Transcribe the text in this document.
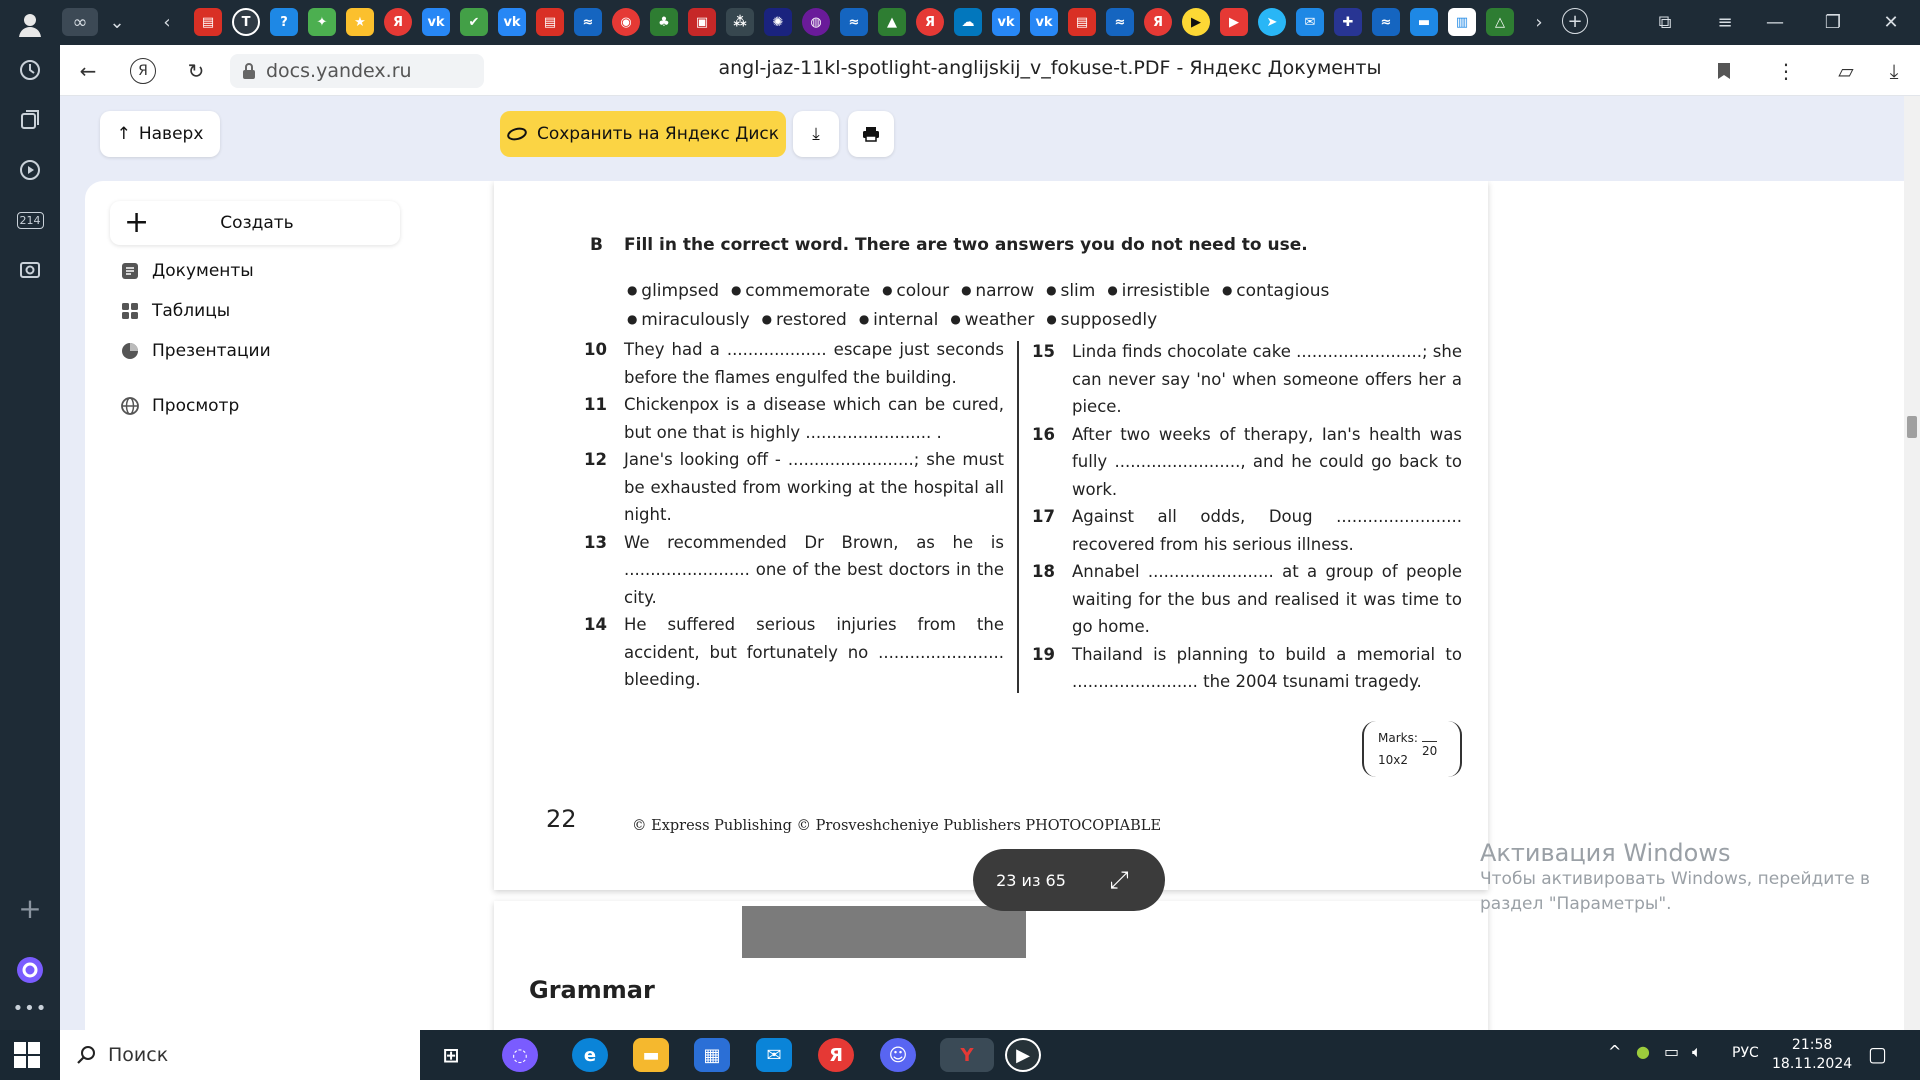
214
+
•••
∞	⌄	‹	▤	T	?	✦	★	Я	vk	✔	vk	▤	≈	◉	♣	▣	⁂	✺	◍	≈	▲	Я	☁	vk	vk	▤	≈	Я	▶	▶	➤	✉	✚	≈	▬	▥	△	›	+	⧉	≡	—	❐	✕
←	Я	↻	docs.yandex.ru	angl-jaz-11kl-spotlight-anglijskij_v_fokuse-t.PDF - Яндекс Документы	⋮	▱	⤓
↑ Наверх	Сохранить на Яндекс Диск ⤓
+	Создать
Документы
Таблицы
Презентации
Просмотр
B Fill in the correct word. There are two answers you do not need to use.
● glimpsed ● commemorate ● colour ● narrow ● slim ● irresistible ● contagious
● miraculously ● restored ● internal ● weather ● supposedly
10	They had a ................... escape just seconds before the flames engulfed the building.
11	Chickenpox is a disease which can be cured, but one that is highly ........................ .
12	Jane's looking off - ........................; she must be exhausted from working at the hospital all night.
13	We recommended Dr Brown, as he is ........................ one of the best doctors in the city.
14	He suffered serious injuries from the accident, but fortunately no ........................ bleeding.
15	Linda finds chocolate cake ........................; she can never say 'no' when someone offers her a piece.
16	After two weeks of therapy, Ian's health was fully ........................, and he could go back to work.
17	Against all odds, Doug ........................ recovered from his serious illness.
18	Annabel ........................ at a group of people waiting for the bus and realised it was time to go home.
19	Thailand is planning to build a memorial to ........................ the 2004 tsunami tragedy.
Marks:
20
10x2
22	© Express Publishing © Prosveshcheniye Publishers PHOTOCOPIABLE
Grammar
23 из 65	⤢
Активация Windows
Чтобы активировать Windows, перейдите в раздел "Параметры".
Поиск	⊞	◌	e	▬	▦	✉	Я	☺	Y	▶	^ ● ▭ 🔈︎ РУС	21:58
18.11.2024 ▢
